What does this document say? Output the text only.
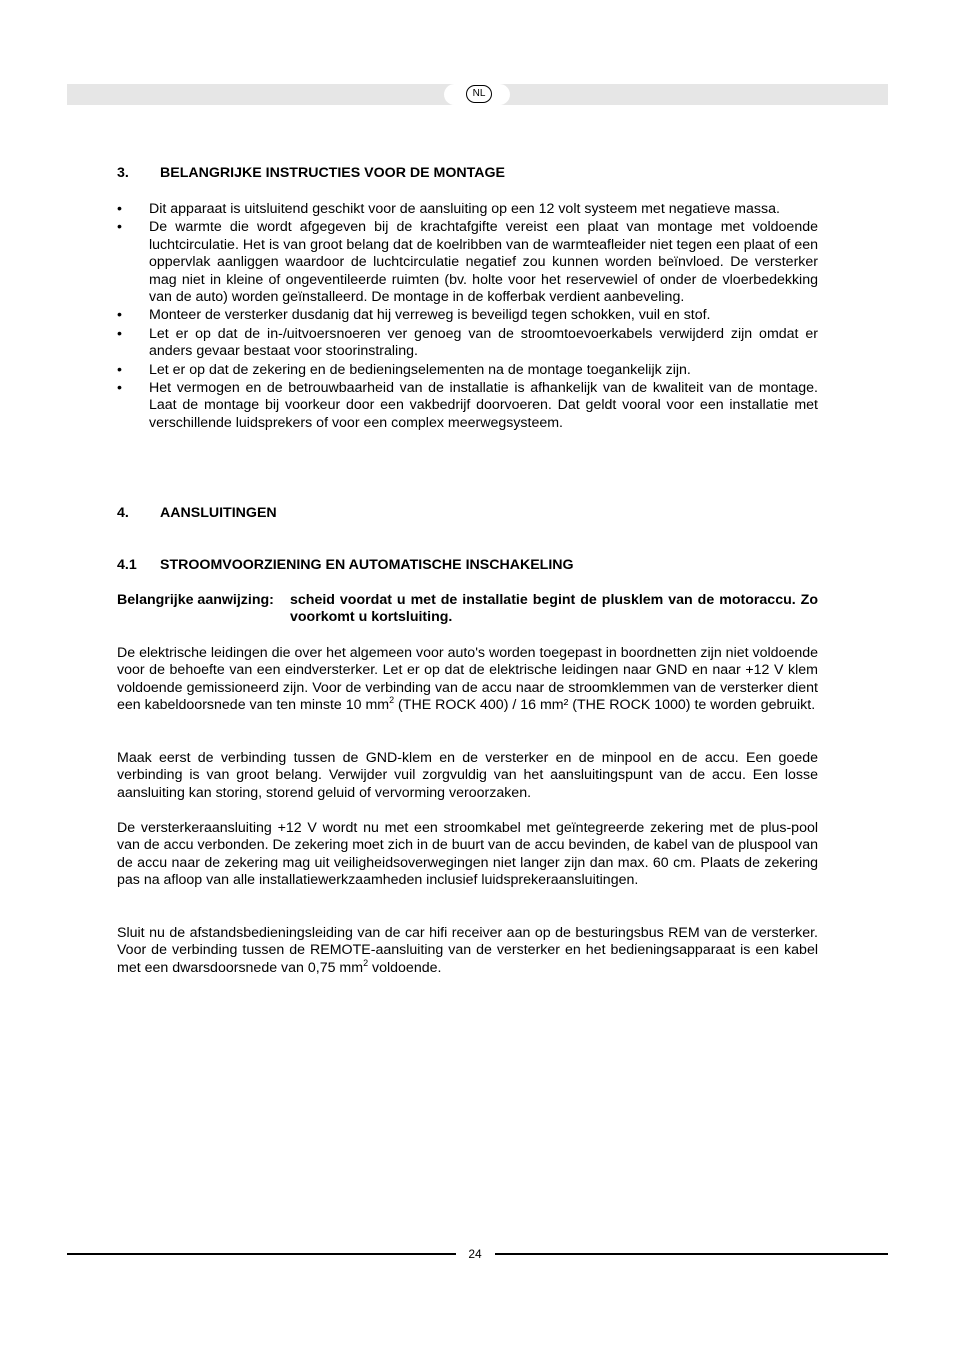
NL
3. BELANGRIJKE INSTRUCTIES VOOR DE MONTAGE
• Dit apparaat is uitsluitend geschikt voor de aansluiting op een 12 volt systeem met negatieve massa.
• De warmte die wordt afgegeven bij de krachtafgifte vereist een plaat van montage met voldoende luchtcirculatie. Het is van groot belang dat de koelribben van de warmteafleider niet tegen een plaat of een oppervlak aanliggen waardoor de luchtcirculatie negatief zou kunnen worden beïnvloed. De versterker mag niet in kleine of ongeventileerde ruimten (bv. holte voor het reservewiel of onder de vloerbedekking van de auto) worden geïnstalleerd. De montage in de kofferbak verdient aanbeveling.
• Monteer de versterker dusdanig dat hij verreweg is beveiligd tegen schokken, vuil en stof.
• Let er op dat de in-/uitvoersnoeren ver genoeg van de stroomtoevoerkabels verwijderd zijn omdat er anders gevaar bestaat voor stoorinstraling.
• Let er op dat de zekering en de bedieningselementen na de montage toegankelijk zijn.
• Het vermogen en de betrouwbaarheid van de installatie is afhankelijk van de kwaliteit van de montage. Laat de montage bij voorkeur door een vakbedrijf doorvoeren. Dat geldt vooral voor een installatie met verschillende luidsprekers of voor een complex meerwegsysteem.
4. AANSLUITINGEN
4.1 STROOMVOORZIENING EN AUTOMATISCHE INSCHAKELING
Belangrijke aanwijzing: scheid voordat u met de installatie begint de plusklem van de motoraccu. Zo voorkomt u kortsluiting.

De elektrische leidingen die over het algemeen voor auto's worden toegepast in boordnetten zijn niet voldoende voor de behoefte van een eindversterker. Let er op dat de elektrische leidingen naar GND en naar +12 V klem voldoende gemissioneerd zijn. Voor de verbinding van de accu naar de stroomklemmen van de versterker dient een kabeldoorsnede van ten minste 10 $mm^2$ (THE ROCK 400) / 16 mm² (THE ROCK 1000) te worden gebruikt.

Maak eerst de verbinding tussen de GND-klem en de versterker en de minpool en de accu. Een goede verbinding is van groot belang. Verwijder vuil zorgvuldig van het aansluitingspunt van de accu. Een losse aansluiting kan storing, storend geluid of vervorming veroorzaken.

De versterkeraansluiting +12 V wordt nu met een stroomkabel met geïntegreerde zekering met de plus-pool van de accu verbonden. De zekering moet zich in de buurt van de accu bevinden, de kabel van de pluspool van de accu naar de zekering mag uit veiligheidsoverwegingen niet langer zijn dan max. 60 cm. Plaats de zekering pas na afloop van alle installatiewerkzaamheden inclusief luidsprekeraansluitingen.

Sluit nu de afstandsbedieningsleiding van de car hifi receiver aan op de besturingsbus REM van de versterker. Voor de verbinding tussen de REMOTE-aansluiting van de versterker en het bedieningsapparaat is een kabel met een dwarsdoorsnede van 0,75 $mm^2$ voldoende.

24
